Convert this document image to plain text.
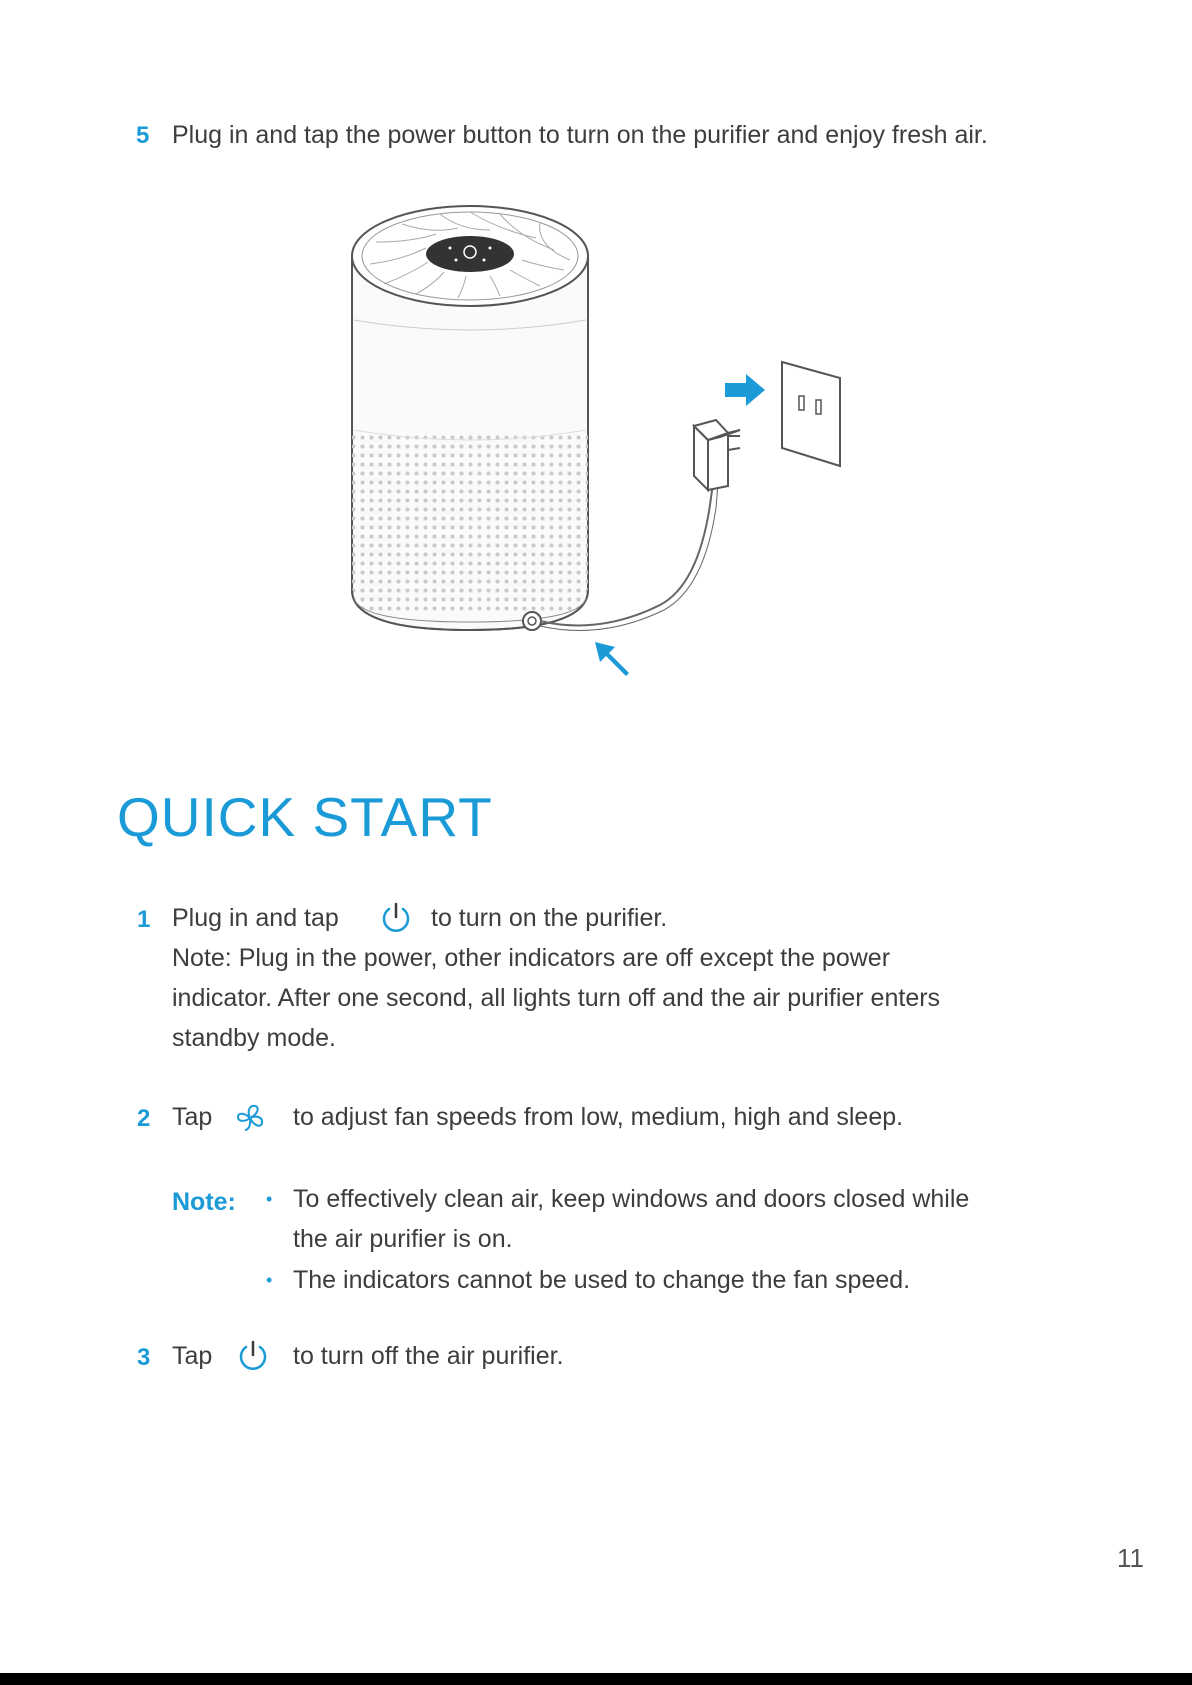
5 Plug in and tap the power button to turn on the purifier and enjoy fresh air.
QUICK START
1 Plug in and tap	to turn on the purifier.
Note: Plug in the power, other indicators are off except the power
indicator. After one second, all lights turn off and the air purifier enters
standby mode.
2 Tap	to adjust fan speeds from low, medium, high and sleep.
Note: • To effectively clean air, keep windows and doors closed while
the air purifier is on.
• The indicators cannot be used to change the fan speed.
3 Tap	to turn off the air purifier.
11
